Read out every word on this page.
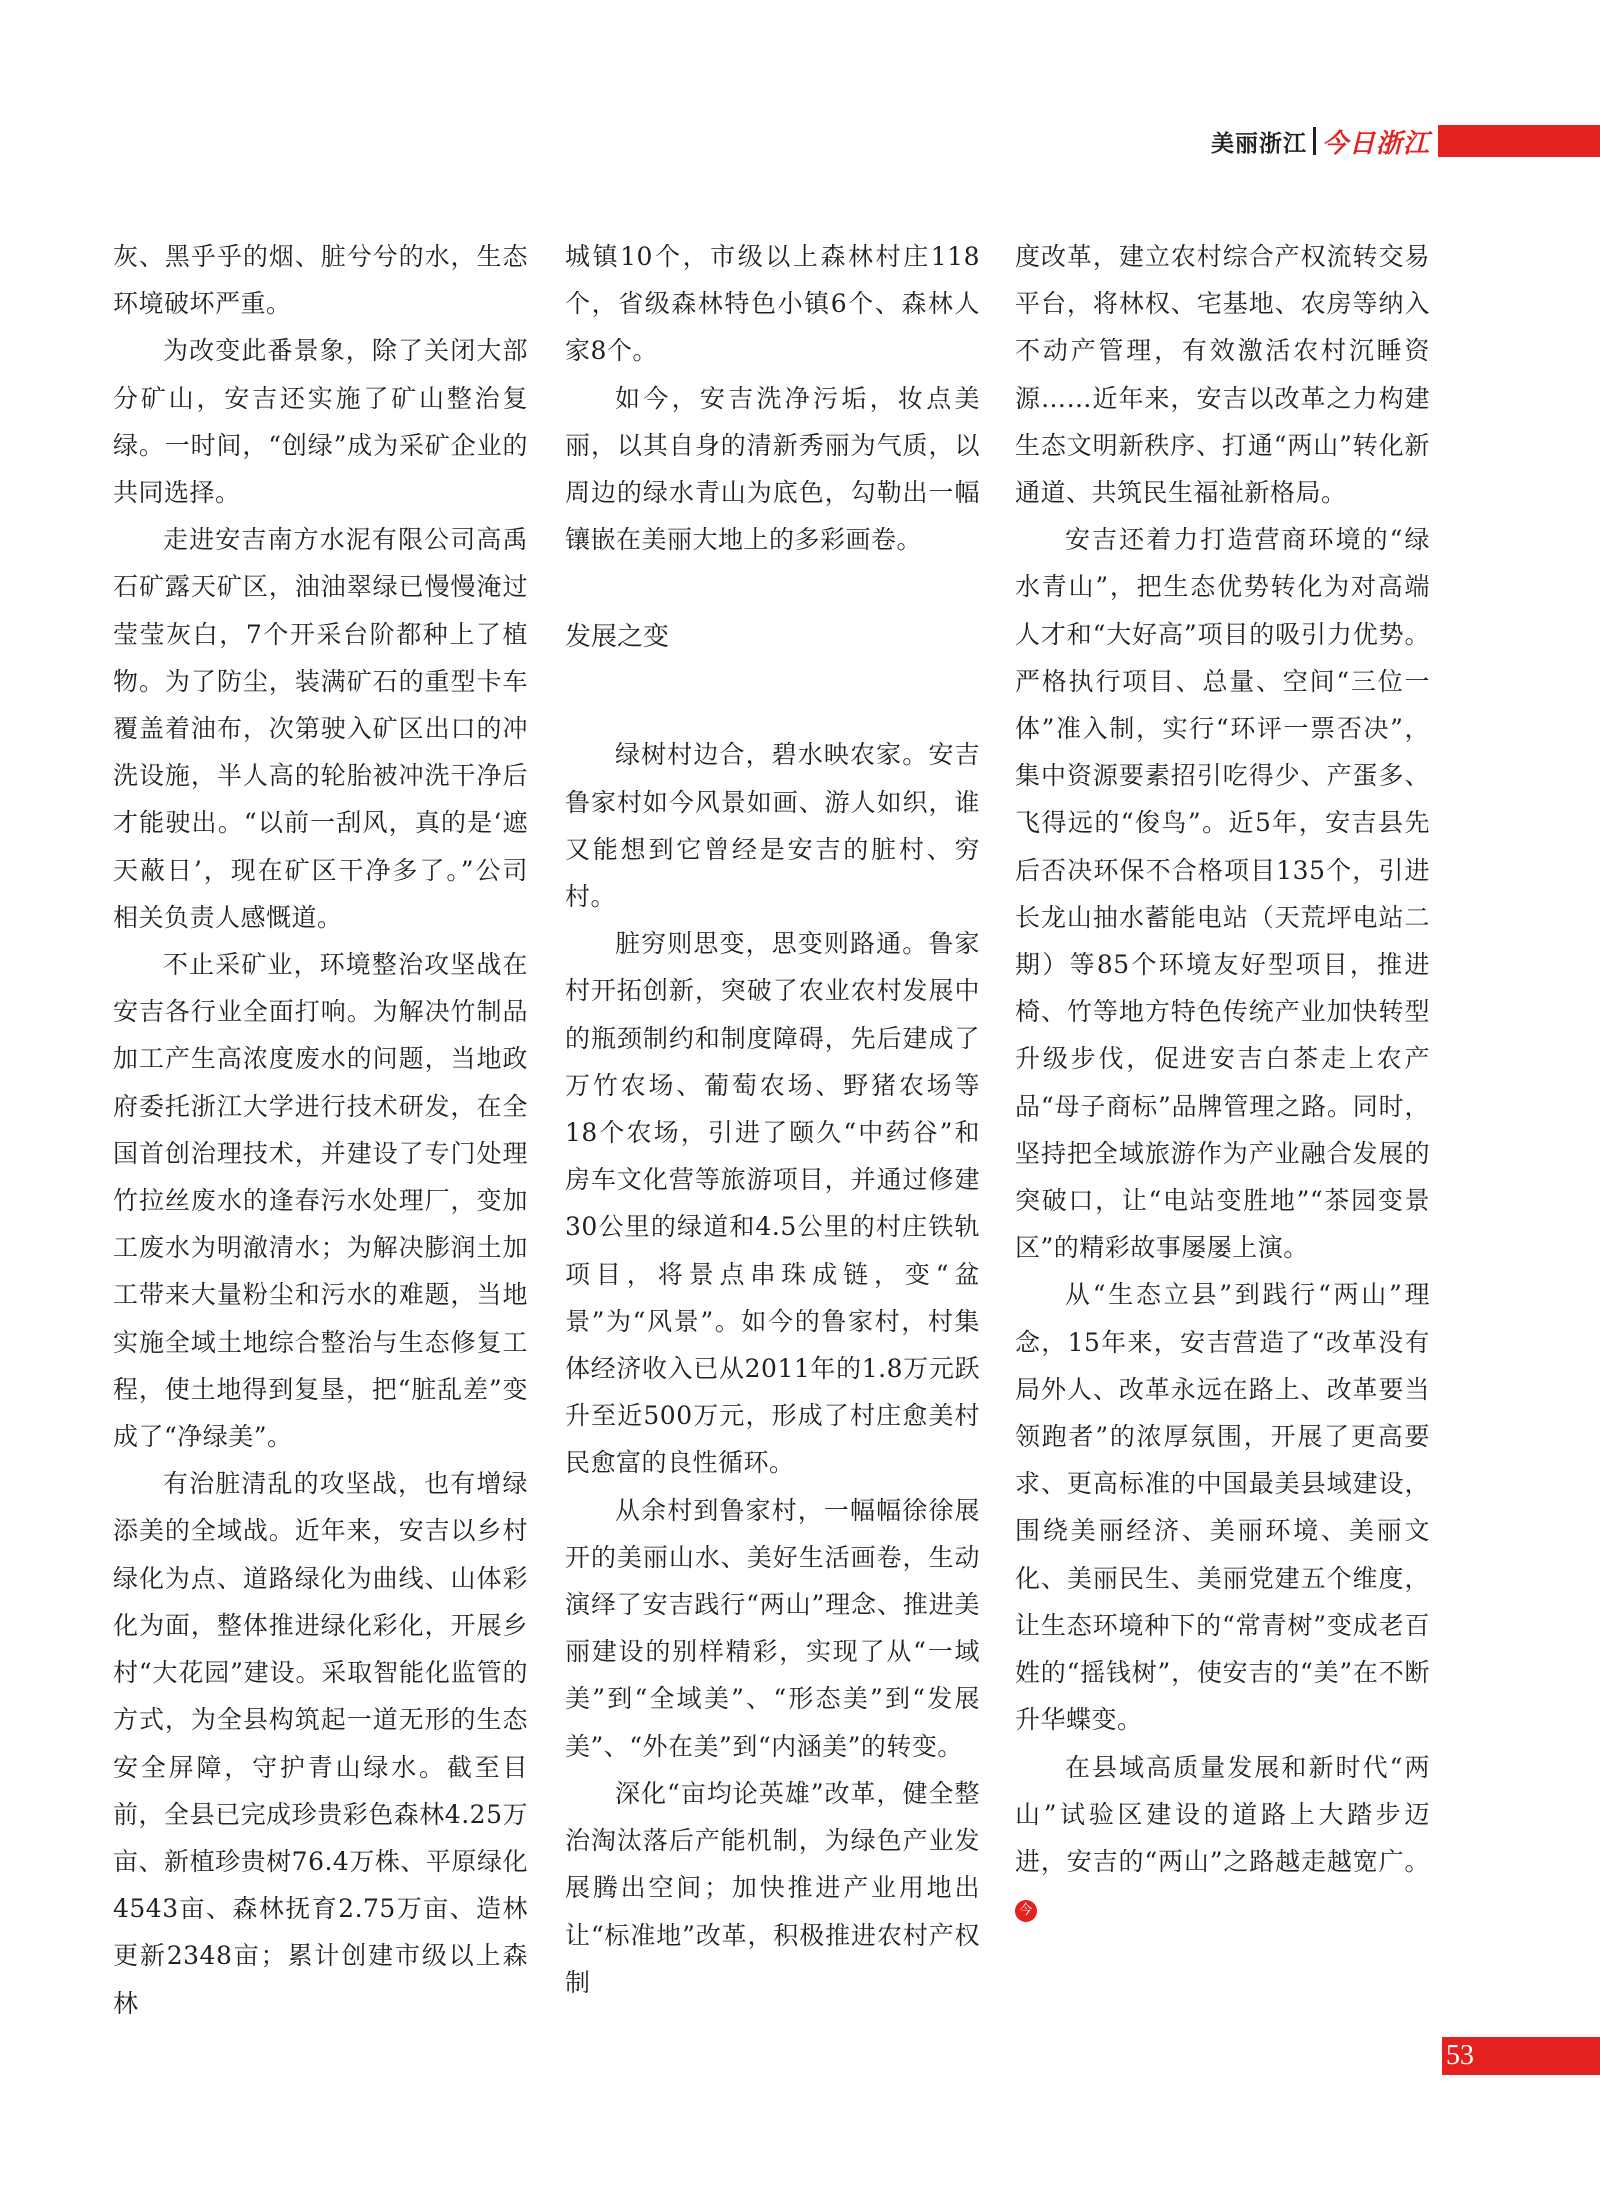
美丽浙江 今日浙江

灰、黑乎乎的烟、脏兮兮的水，生态环境破坏严重。

为改变此番景象，除了关闭大部分矿山，安吉还实施了矿山整治复绿。一时间，“创绿”成为采矿企业的共同选择。

走进安吉南方水泥有限公司高禹石矿露天矿区，油油翠绿已慢慢淹过莹莹灰白，7个开采台阶都种上了植物。为了防尘，装满矿石的重型卡车覆盖着油布，次第驶入矿区出口的冲洗设施，半人高的轮胎被冲洗干净后才能驶出。“以前一刮风，真的是‘遮天蔽日’，现在矿区干净多了。”公司相关负责人感慨道。

不止采矿业，环境整治攻坚战在安吉各行业全面打响。为解决竹制品加工产生高浓度废水的问题，当地政府委托浙江大学进行技术研发，在全国首创治理技术，并建设了专门处理竹拉丝废水的逢春污水处理厂，变加工废水为明澈清水；为解决膨润土加工带来大量粉尘和污水的难题，当地实施全域土地综合整治与生态修复工程，使土地得到复垦，把“脏乱差”变成了“净绿美”。

有治脏清乱的攻坚战，也有增绿添美的全域战。近年来，安吉以乡村绿化为点、道路绿化为曲线、山体彩化为面，整体推进绿化彩化，开展乡村“大花园”建设。采取智能化监管的方式，为全县构筑起一道无形的生态安全屏障，守护青山绿水。截至目前，全县已完成珍贵彩色森林4.25万亩、新植珍贵树76.4万株、平原绿化4543亩、森林抚育2.75万亩、造林更新2348亩；累计创建市级以上森林

城镇10个，市级以上森林村庄118个，省级森林特色小镇6个、森林人家8个。

如今，安吉洗净污垢，妆点美丽，以其自身的清新秀丽为气质，以周边的绿水青山为底色，勾勒出一幅镶嵌在美丽大地上的多彩画卷。

发展之变

绿树村边合，碧水映农家。安吉鲁家村如今风景如画、游人如织，谁又能想到它曾经是安吉的脏村、穷村。

脏穷则思变，思变则路通。鲁家村开拓创新，突破了农业农村发展中的瓶颈制约和制度障碍，先后建成了万竹农场、葡萄农场、野猪农场等18个农场，引进了颐久“中药谷”和房车文化营等旅游项目，并通过修建30公里的绿道和4.5公里的村庄铁轨项目，将景点串珠成链，变“盆景”为“风景”。如今的鲁家村，村集体经济收入已从2011年的1.8万元跃升至近500万元，形成了村庄愈美村民愈富的良性循环。

从余村到鲁家村，一幅幅徐徐展开的美丽山水、美好生活画卷，生动演绎了安吉践行“两山”理念、推进美丽建设的别样精彩，实现了从“一域美”到“全域美”、“形态美”到“发展美”、“外在美”到“内涵美”的转变。

深化“亩均论英雄”改革，健全整治淘汰落后产能机制，为绿色产业发展腾出空间；加快推进产业用地出让“标准地”改革，积极推进农村产权制

度改革，建立农村综合产权流转交易平台，将林权、宅基地、农房等纳入不动产管理，有效激活农村沉睡资源……近年来，安吉以改革之力构建生态文明新秩序、打通“两山”转化新通道、共筑民生福祉新格局。

安吉还着力打造营商环境的“绿水青山”，把生态优势转化为对高端人才和“大好高”项目的吸引力优势。严格执行项目、总量、空间“三位一体”准入制，实行“环评一票否决”，集中资源要素招引吃得少、产蛋多、飞得远的“俊鸟”。近5年，安吉县先后否决环保不合格项目135个，引进长龙山抽水蓄能电站（天荒坪电站二期）等85个环境友好型项目，推进椅、竹等地方特色传统产业加快转型升级步伐，促进安吉白茶走上农产品“母子商标”品牌管理之路。同时，坚持把全域旅游作为产业融合发展的突破口，让“电站变胜地”“茶园变景区”的精彩故事屡屡上演。

从“生态立县”到践行“两山”理念，15年来，安吉营造了“改革没有局外人、改革永远在路上、改革要当领跑者”的浓厚氛围，开展了更高要求、更高标准的中国最美县域建设，围绕美丽经济、美丽环境、美丽文化、美丽民生、美丽党建五个维度，让生态环境种下的“常青树”变成老百姓的“摇钱树”，使安吉的“美”在不断升华蝶变。

在县域高质量发展和新时代“两山”试验区建设的道路上大踏步迈进，安吉的“两山”之路越走越宽广。今

53
